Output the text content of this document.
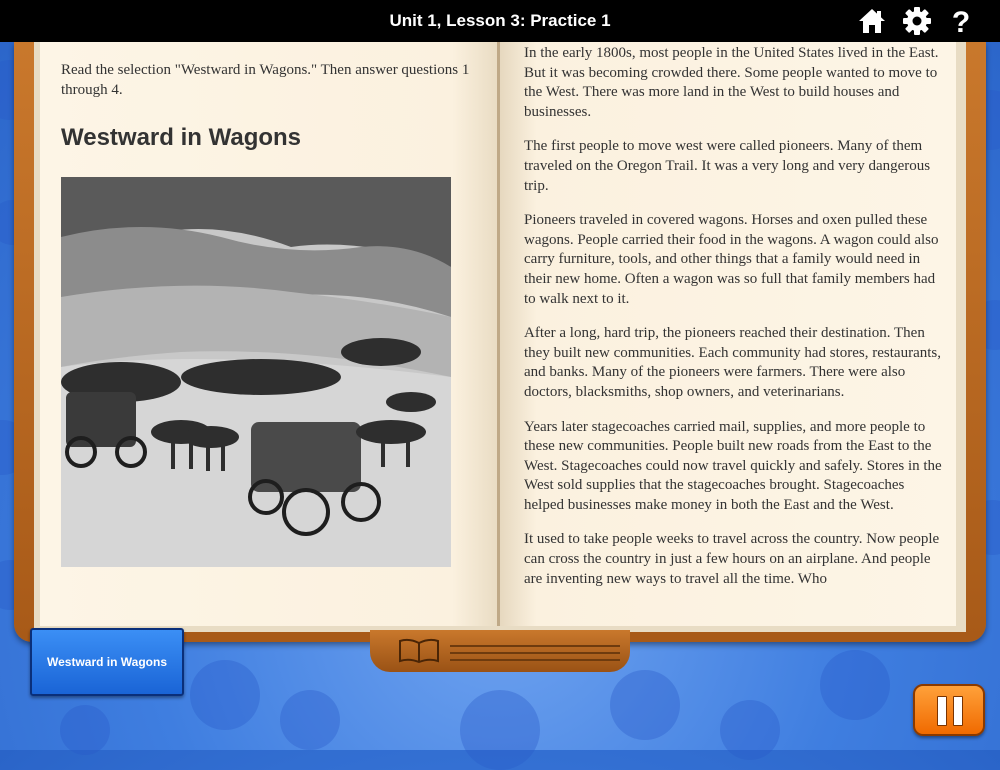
Unit 1, Lesson 3: Practice 1	?
Read the selection "Westward in Wagons." Then answer questions 1 through 4.
Westward in Wagons

In the early 1800s, most people in the United States lived in the East. But it was becoming crowded there. Some people wanted to move to the West. There was more land in the West to build houses and businesses.

The first people to move west were called pioneers. Many of them traveled on the Oregon Trail. It was a very long and very dangerous trip.

Pioneers traveled in covered wagons. Horses and oxen pulled these wagons. People carried their food in the wagons. A wagon could also carry furniture, tools, and other things that a family would need in their new home. Often a wagon was so full that family members had to walk next to it.

After a long, hard trip, the pioneers reached their destination. Then they built new communities. Each community had stores, restaurants, and banks. Many of the pioneers were farmers. There were also doctors, blacksmiths, shop owners, and veterinarians.

Years later stagecoaches carried mail, supplies, and more people to these new communities. People built new roads from the East to the West. Stagecoaches could now travel quickly and safely. Stores in the West sold supplies that the stagecoaches brought. Stagecoaches helped businesses make money in both the East and the West.

It used to take people weeks to travel across the country. Now people can cross the country in just a few hours on an airplane. And people are inventing new ways to travel all the time. Who

Westward in Wagons
